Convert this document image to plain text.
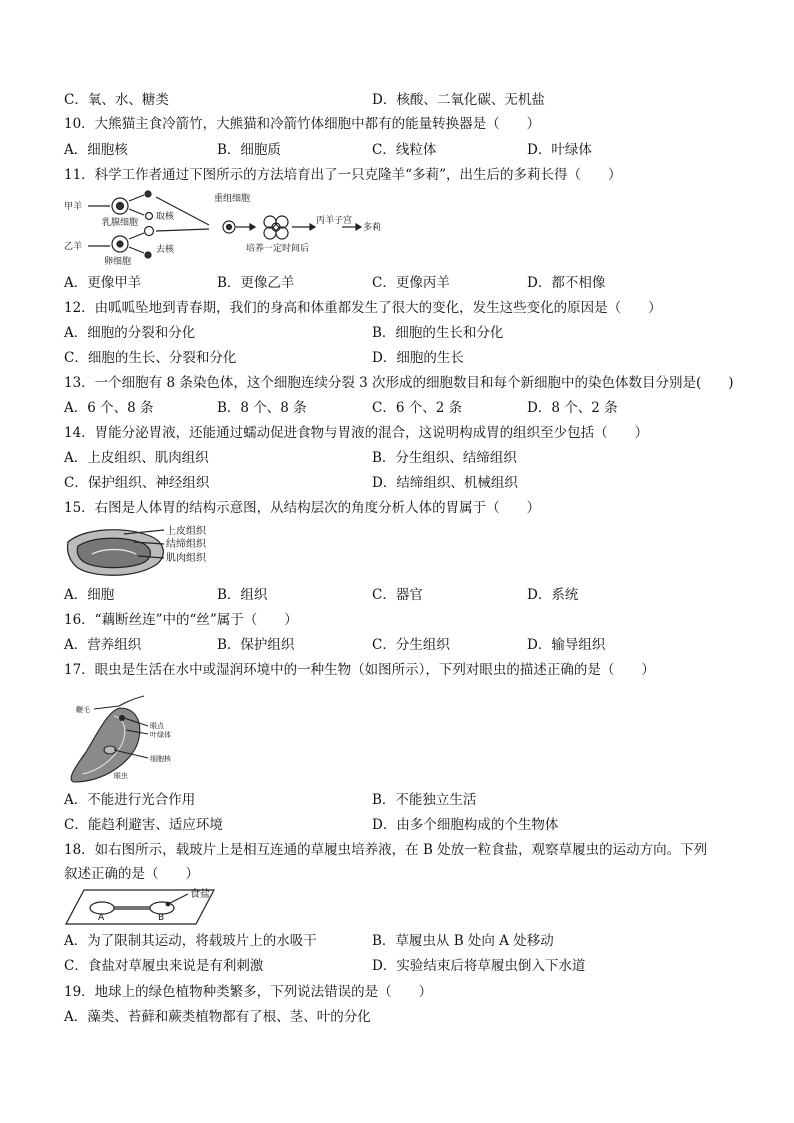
C．氧、水、糖类	D．核酸、二氧化碳、无机盐
10．大熊猫主食冷箭竹，大熊猫和冷箭竹体细胞中都有的能量转换器是（　　）
A．细胞核	B．细胞质	C．线粒体	D．叶绿体
11．科学工作者通过下图所示的方法培育出了一只克隆羊“多莉”，出生后的多莉长得（　　）
甲羊
乳腺细胞
取核
乙羊
卵细胞
去核
重组细胞
培养一定时间后
丙羊子宫
多莉
A．更像甲羊	B．更像乙羊	C．更像丙羊	D．都不相像
12．由呱呱坠地到青春期，我们的身高和体重都发生了很大的变化，发生这些变化的原因是（　　）
A．细胞的分裂和分化	B．细胞的生长和分化
C．细胞的生长、分裂和分化	D．细胞的生长
13．一个细胞有 8 条染色体，这个细胞连续分裂 3 次形成的细胞数目和每个新细胞中的染色体数目分别是(　　)
A．6 个、8 条	B．8 个、8 条	C．6 个、2 条	D．8 个、2 条
14．胃能分泌胃液，还能通过蠕动促进食物与胃液的混合，这说明构成胃的组织至少包括（　　）
A．上皮组织、肌肉组织	B．分生组织、结缔组织
C．保护组织、神经组织	D．结缔组织、机械组织
15．右图是人体胃的结构示意图，从结构层次的角度分析人体的胃属于（　　）
上皮组织
结缔组织
肌肉组织
A．细胞	B．组织	C．器官	D．系统
16．“藕断丝连”中的“丝”属于（　　）
A．营养组织	B．保护组织	C．分生组织	D．输导组织
17．眼虫是生活在水中或湿润环境中的一种生物（如图所示），下列对眼虫的描述正确的是（　　）
鞭毛
眼点
叶绿体
细胞核
眼虫
A．不能进行光合作用	B．不能独立生活
C．能趋利避害、适应环境	D．由多个细胞构成的个生物体
18．如右图所示，载玻片上是相互连通的草履虫培养液，在 B 处放一粒食盐，观察草履虫的运动方向。下列
叙述正确的是（　　）
食盐
A	B
A．为了限制其运动，将载玻片上的水吸干	B．草履虫从 B 处向 A 处移动
C．食盐对草履虫来说是有利刺激	D．实验结束后将草履虫倒入下水道
19．地球上的绿色植物种类繁多，下列说法错误的是（　　）
A．藻类、苔藓和蕨类植物都有了根、茎、叶的分化
